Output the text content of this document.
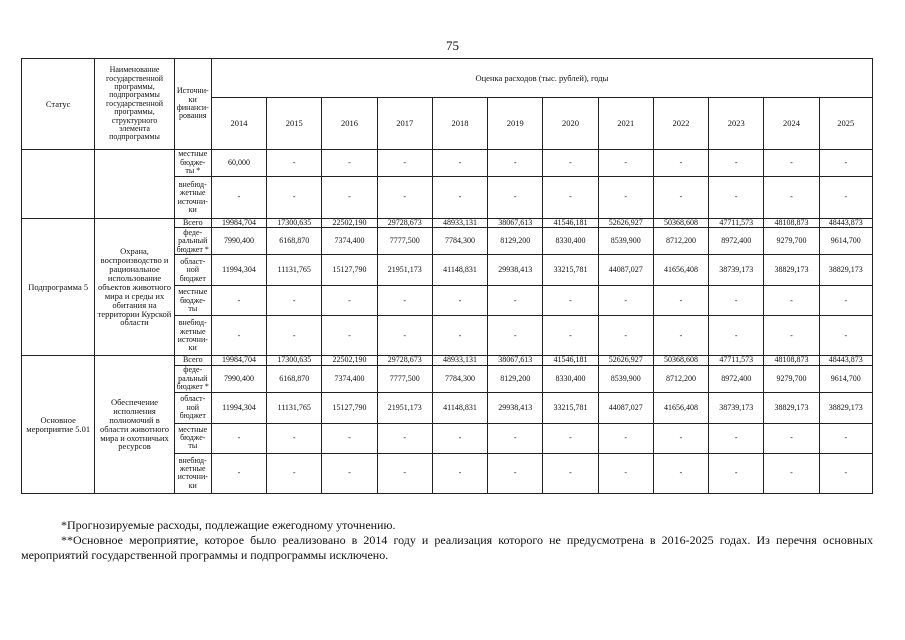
75
Статус	Наименование государственной программы, подпрограммы государственной программы, структурного элемента подпрограммы	Источни-ки финанси-рования	Оценка расходов (тыс. рублей), годы											
			2014	2015	2016	2017	2018	2019	2020	2021	2022	2023	2024	2025
		местные бюдже-ты *	60,000	-	-	-	-	-	-	-	-	-	-	-
		внебюд-жетные источни-ки	-	-	-	-	-	-	-	-	-	-	-	-
Подпрограмма 5	Охрана, воспроизводство и рациональное использование объектов животного мира и среды их обитания на территории Курской области	Всего	19984,704	17300,635	22502,190	29728,673	48933,131	38067,613	41546,181	52626,927	50368,608	47711,573	48108,873	48443,873
		феде-ральный бюджет *	7990,400	6168,870	7374,400	7777,500	7784,300	8129,200	8330,400	8539,900	8712,200	8972,400	9279,700	9614,700
		област-ной бюджет	11994,304	11131,765	15127,790	21951,173	41148,831	29938,413	33215,781	44087,027	41656,408	38739,173	38829,173	38829,173
		местные бюдже-ты	-	-	-	-	-	-	-	-	-	-	-	-
		внебюд-жетные источни-ки	-	-	-	-	-	-	-	-	-	-	-	-
Основное мероприятие 5.01	Обеспечение исполнения полномочий в области животного мира и охотничьих ресурсов	Всего	19984,704	17300,635	22502,190	29728,673	48933,131	38067,613	41546,181	52626,927	50368,608	47711,573	48108,873	48443,873
		феде-ральный бюджет *	7990,400	6168,870	7374,400	7777,500	7784,300	8129,200	8330,400	8539,900	8712,200	8972,400	9279,700	9614,700
		област-ной бюджет	11994,304	11131,765	15127,790	21951,173	41148,831	29938,413	33215,781	44087,027	41656,408	38739,173	38829,173	38829,173
		местные бюдже-ты	-	-	-	-	-	-	-	-	-	-	-	-
		внебюд-жетные источни-ки	-	-	-	-	-	-	-	-	-	-	-	-

*Прогнозируемые расходы, подлежащие ежегодному уточнению.

**Основное мероприятие, которое было реализовано в 2014 году и реализация которого не предусмотрена в 2016-2025 годах. Из перечня основных мероприятий государственной программы и подпрограммы исключено.
